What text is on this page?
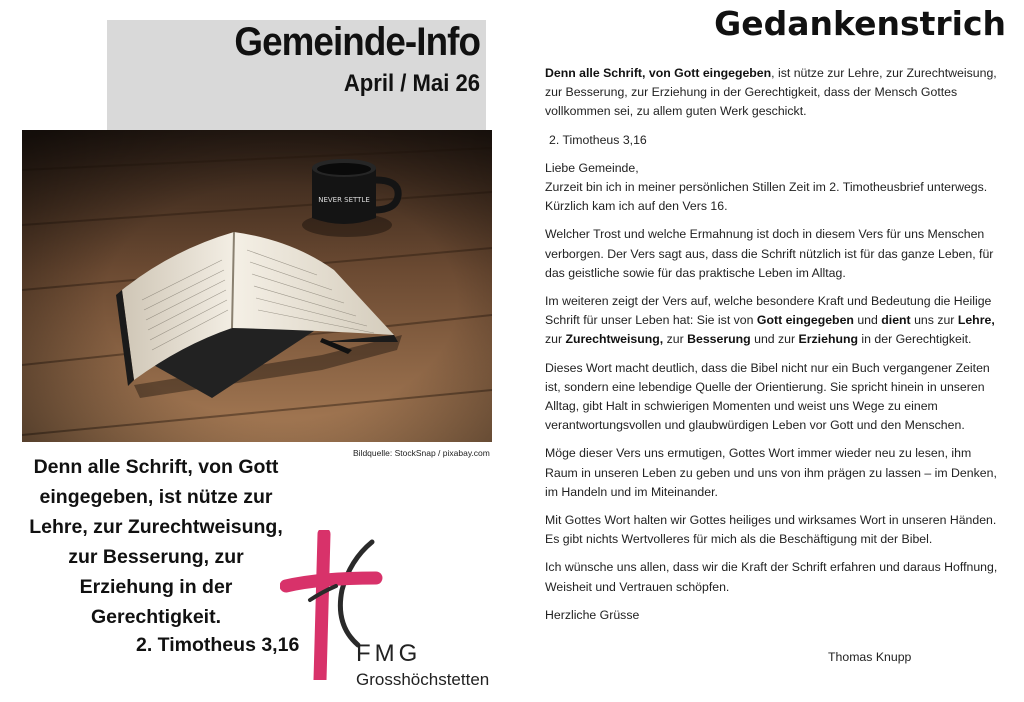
Gemeinde-Info
April / Mai 26
NEVER SETTLE
Bildquelle: StockSnap / pixabay.com

Denn alle Schrift, von Gott eingegeben, ist nütze zur Lehre, zur Zurechtweisung, zur Besserung, zur Erziehung in der Gerechtigkeit.

2. Timotheus 3,16 FMG
Grosshöchstetten
Gedankenstrich

Denn alle Schrift, von Gott eingegeben, ist nütze zur Lehre, zur Zurechtweisung, zur Besserung, zur Erziehung in der Gerechtigkeit, dass der Mensch Gottes vollkommen sei, zu allem guten Werk geschickt.

2. Timotheus 3,16

Liebe Gemeinde,
Zurzeit bin ich in meiner persönlichen Stillen Zeit im 2. Timotheusbrief unterwegs. Kürzlich kam ich auf den Vers 16.

Welcher Trost und welche Ermahnung ist doch in diesem Vers für uns Menschen verborgen. Der Vers sagt aus, dass die Schrift nützlich ist für das ganze Leben, für das geistliche sowie für das praktische Leben im Alltag.

Im weiteren zeigt der Vers auf, welche besondere Kraft und Bedeutung die Heilige Schrift für unser Leben hat: Sie ist von Gott eingegeben und dient uns zur Lehre, zur Zurechtweisung, zur Besserung und zur Erziehung in der Gerechtigkeit.

Dieses Wort macht deutlich, dass die Bibel nicht nur ein Buch vergangener Zeiten ist, sondern eine lebendige Quelle der Orientierung. Sie spricht hinein in unseren Alltag, gibt Halt in schwierigen Momenten und weist uns Wege zu einem verantwortungsvollen und glaubwürdigen Leben vor Gott und den Menschen.

Möge dieser Vers uns ermutigen, Gottes Wort immer wieder neu zu lesen, ihm Raum in unseren Leben zu geben und uns von ihm prägen zu lassen – im Denken, im Handeln und im Miteinander.

Mit Gottes Wort halten wir Gottes heiliges und wirksames Wort in unseren Händen. Es gibt nichts Wertvolleres für mich als die Beschäftigung mit der Bibel.

Ich wünsche uns allen, dass wir die Kraft der Schrift erfahren und daraus Hoffnung, Weisheit und Vertrauen schöpfen.

Herzliche Grüsse

Thomas Knupp
